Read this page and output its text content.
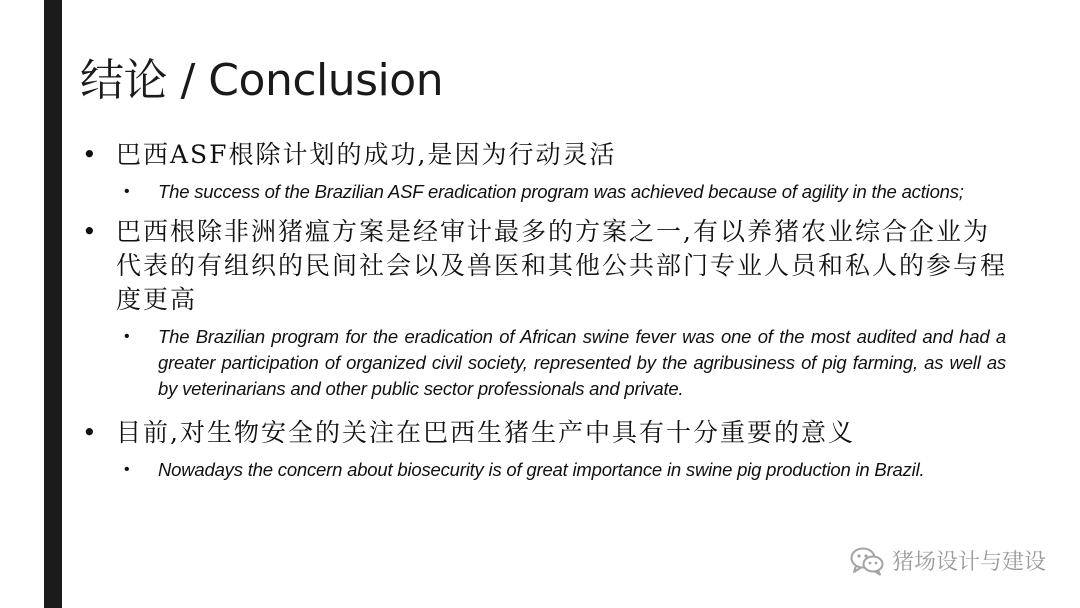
结论 / Conclusion
• 巴西ASF根除计划的成功,是因为行动灵活
• The success of the Brazilian ASF eradication program was achieved because of agility in the actions;
• 巴西根除非洲猪瘟方案是经审计最多的方案之一,有以养猪农业综合企业为代表的有组织的民间社会以及兽医和其他公共部门专业人员和私人的参与程度更高
• The Brazilian program for the eradication of African swine fever was one of the most audited and had a greater participation of organized civil society, represented by the agribusiness of pig farming, as well as by veterinarians and other public sector professionals and private.
• 目前,对生物安全的关注在巴西生猪生产中具有十分重要的意义
• Nowadays the concern about biosecurity is of great importance in swine pig production in Brazil.
猪场设计与建设
